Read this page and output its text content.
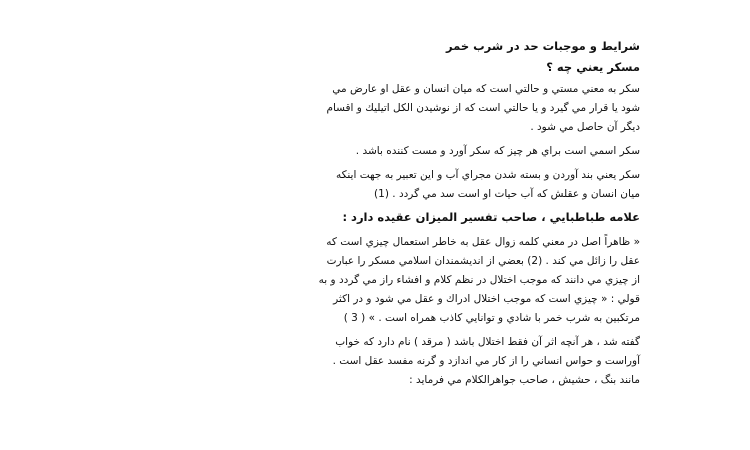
شرايط و موجبات حد در شرب خمر
مسكر يعني چه ؟

سكر به معني مستي و حالتي است كه ميان انسان و عقل او عارض مي
شود يا قرار مي گيرد و يا حالتي است كه از نوشيدن الكل اتيليك و اقسام
ديگر آن حاصل مي شود .

سكر اسمي است براي هر چيز كه سكر آورد و مست كننده باشد .

سكر يعني بند آوردن و بسته شدن مجراي آب و اين تعبير به جهت اينكه
ميان انسان و عقلش كه آب حيات او است سد مي گردد . (1)

علامه طباطبايي ، صاحب تفسير الميزان عقيده دارد :

« ظاهراً اصل در معني كلمه زوال عقل به خاطر استعمال چيزي است كه
عقل را زائل مي كند . (2) بعضي از انديشمندان اسلامي مسكر را عبارت
از چيزي مي دانند كه موجب اختلال در نظم كلام و افشاء راز مي گردد و به
قولي : « چيزي است كه موجب اختلال ادراك و عقل مي شود و در اكثر
مرتكبين به شرب خمر با شادي و توانايي كاذب همراه است . » ( 3 )

گفته شد ، هر آنچه اثر آن فقط اختلال باشد ( مرقد ) نام دارد كه خواب
آوراست و حواس انساني را از كار مي اندازد و گرنه مفسد عقل است .
مانند بنگ ، حشيش ، صاحب جواهرالكلام مي فرمايد :
